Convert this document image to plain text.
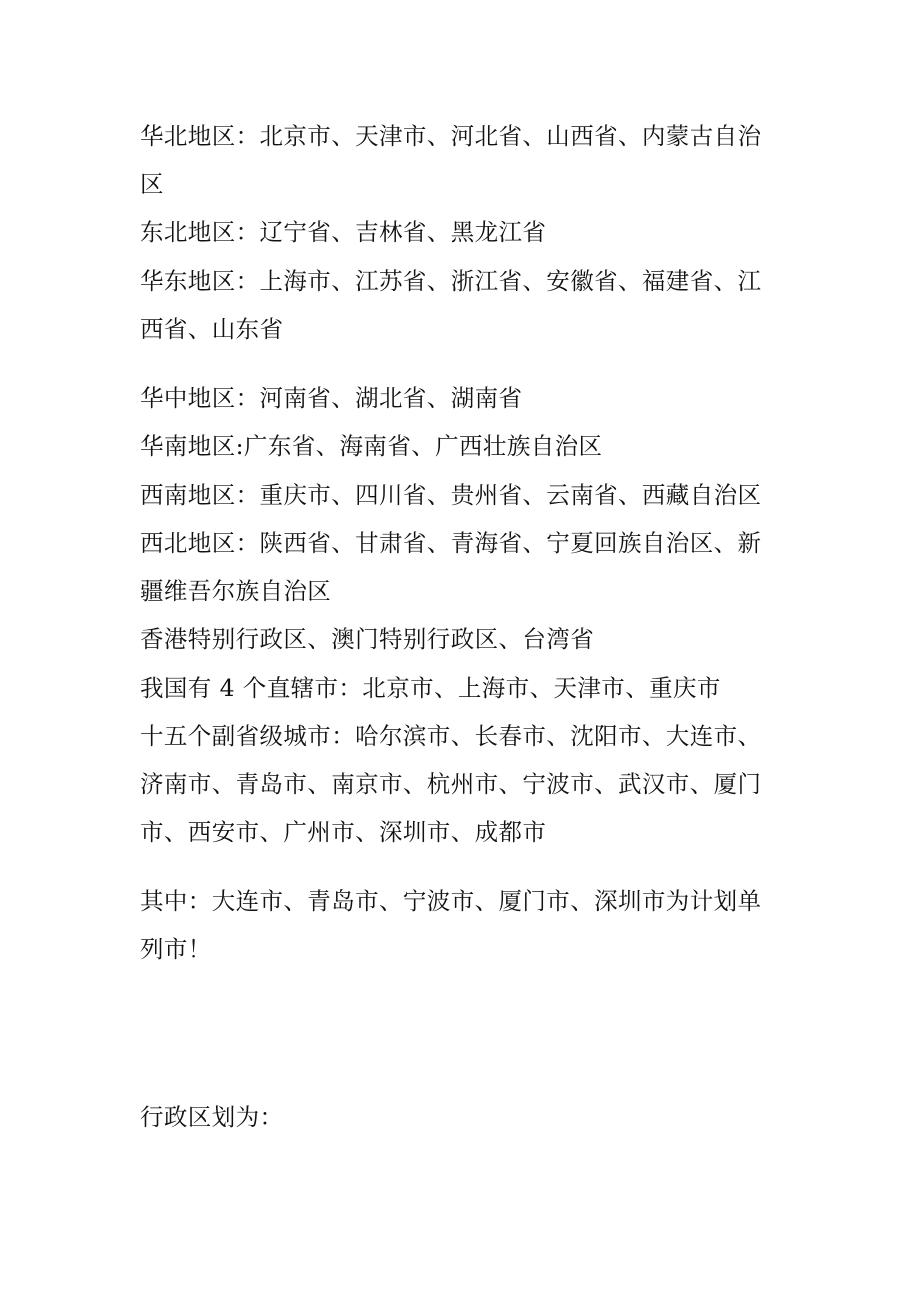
华北地区：北京市、天津市、河北省、山西省、内蒙古自治

区

东北地区：辽宁省、吉林省、黑龙江省

华东地区：上海市、江苏省、浙江省、安徽省、福建省、江

西省、山东省

华中地区：河南省、湖北省、湖南省

华南地区:广东省、海南省、广西壮族自治区

西南地区：重庆市、四川省、贵州省、云南省、西藏自治区

西北地区：陕西省、甘肃省、青海省、宁夏回族自治区、新

疆维吾尔族自治区

香港特别行政区、澳门特别行政区、台湾省

我国有 4 个直辖市：北京市、上海市、天津市、重庆市

十五个副省级城市：哈尔滨市、长春市、沈阳市、大连市、

济南市、青岛市、南京市、杭州市、宁波市、武汉市、厦门

市、西安市、广州市、深圳市、成都市

其中：大连市、青岛市、宁波市、厦门市、深圳市为计划单

列市！

行政区划为：
